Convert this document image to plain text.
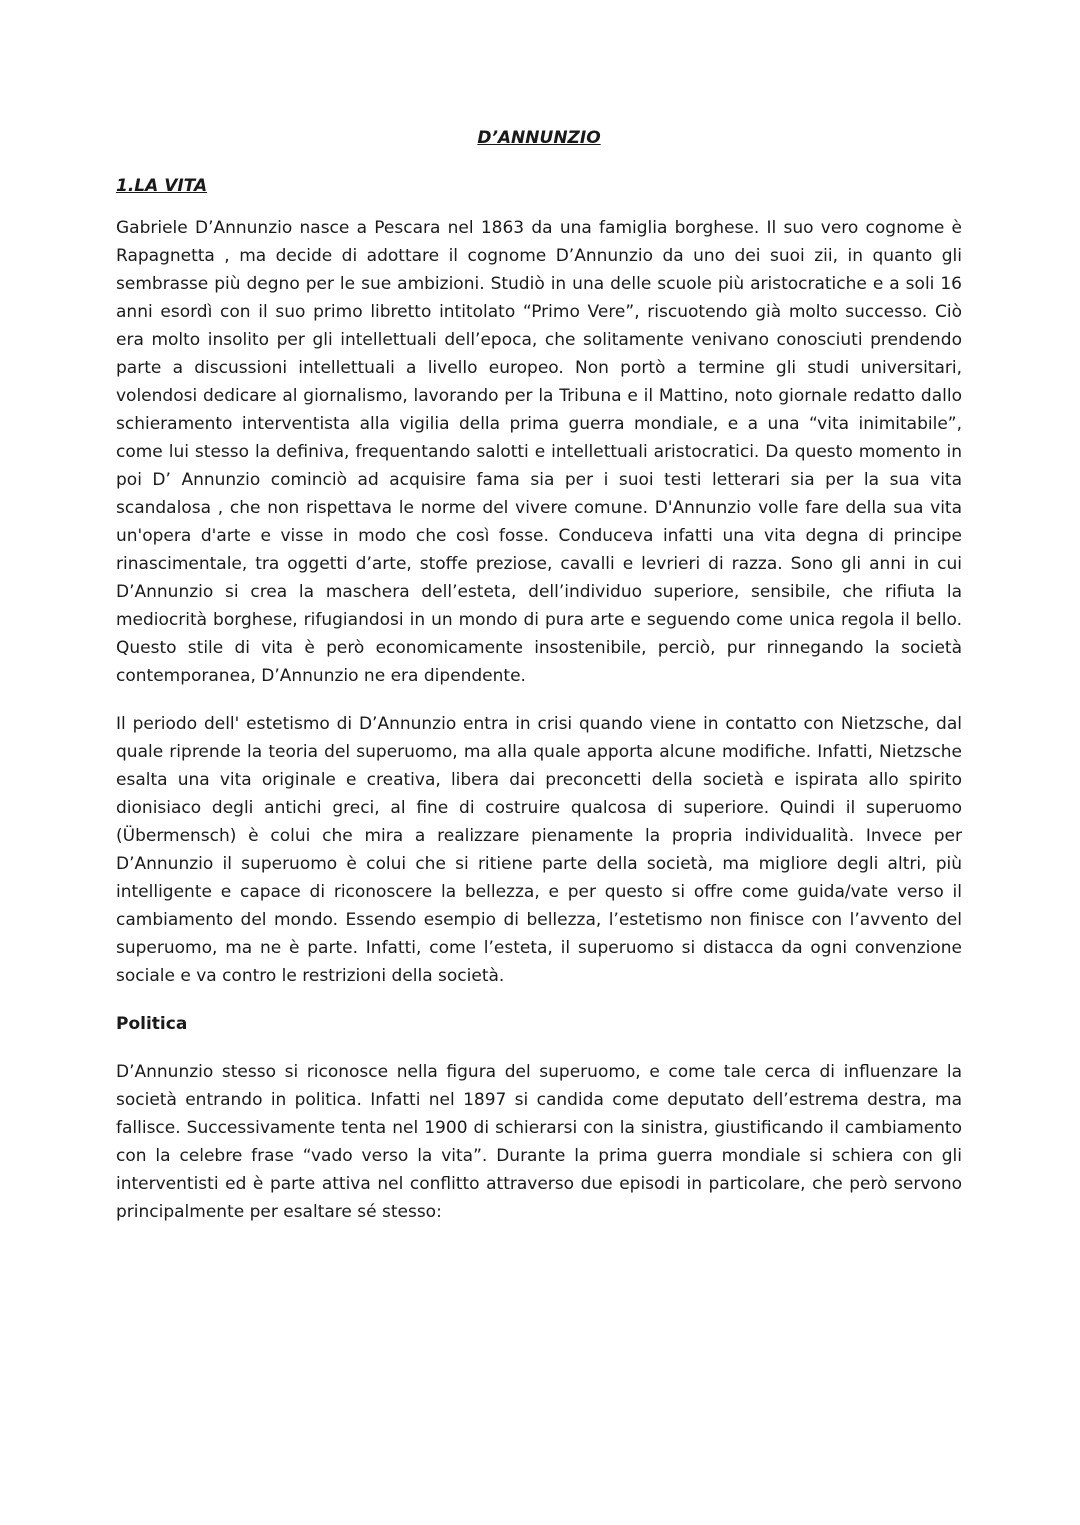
D’ANNUNZIO
1.LA VITA

Gabriele D’Annunzio nasce a Pescara nel 1863 da una famiglia borghese. Il suo vero cognome è Rapagnetta , ma decide di adottare il cognome D’Annunzio da uno dei suoi zii, in quanto gli sembrasse più degno per le sue ambizioni. Studiò in una delle scuole più aristocratiche e a soli 16 anni esordì con il suo primo libretto intitolato “Primo Vere”, riscuotendo già molto successo. Ciò era molto insolito per gli intellettuali dell’epoca, che solitamente venivano conosciuti prendendo parte a discussioni intellettuali a livello europeo. Non portò a termine gli studi universitari, volendosi dedicare al giornalismo, lavorando per la Tribuna e il Mattino, noto giornale redatto dallo schieramento interventista alla vigilia della prima guerra mondiale, e a una “vita inimitabile”, come lui stesso la definiva, frequentando salotti e intellettuali aristocratici. Da questo momento in poi D’ Annunzio cominciò ad acquisire fama sia per i suoi testi letterari sia per la sua vita scandalosa , che non rispettava le norme del vivere comune. D'Annunzio volle fare della sua vita un'opera d'arte e visse in modo che così fosse. Conduceva infatti una vita degna di principe rinascimentale, tra oggetti d’arte, stoffe preziose, cavalli e levrieri di razza. Sono gli anni in cui D’Annunzio si crea la maschera dell’esteta, dell’individuo superiore, sensibile, che rifiuta la mediocrità borghese, rifugiandosi in un mondo di pura arte e seguendo come unica regola il bello. Questo stile di vita è però economicamente insostenibile, perciò, pur rinnegando la società contemporanea, D’Annunzio ne era dipendente.

Il periodo dell' estetismo di D’Annunzio entra in crisi quando viene in contatto con Nietzsche, dal quale riprende la teoria del superuomo, ma alla quale apporta alcune modifiche. Infatti, Nietzsche esalta una vita originale e creativa, libera dai preconcetti della società e ispirata allo spirito dionisiaco degli antichi greci, al fine di costruire qualcosa di superiore. Quindi il superuomo (Übermensch) è colui che mira a realizzare pienamente la propria individualità. Invece per D’Annunzio il superuomo è colui che si ritiene parte della società, ma migliore degli altri, più intelligente e capace di riconoscere la bellezza, e per questo si offre come guida/vate verso il cambiamento del mondo. Essendo esempio di bellezza, l’estetismo non finisce con l’avvento del superuomo, ma ne è parte. Infatti, come l’esteta, il superuomo si distacca da ogni convenzione sociale e va contro le restrizioni della società.

Politica

D’Annunzio stesso si riconosce nella figura del superuomo, e come tale cerca di influenzare la società entrando in politica. Infatti nel 1897 si candida come deputato dell’estrema destra, ma fallisce. Successivamente tenta nel 1900 di schierarsi con la sinistra, giustificando il cambiamento con la celebre frase “vado verso la vita”. Durante la prima guerra mondiale si schiera con gli interventisti ed è parte attiva nel conflitto attraverso due episodi in particolare, che però servono principalmente per esaltare sé stesso:
